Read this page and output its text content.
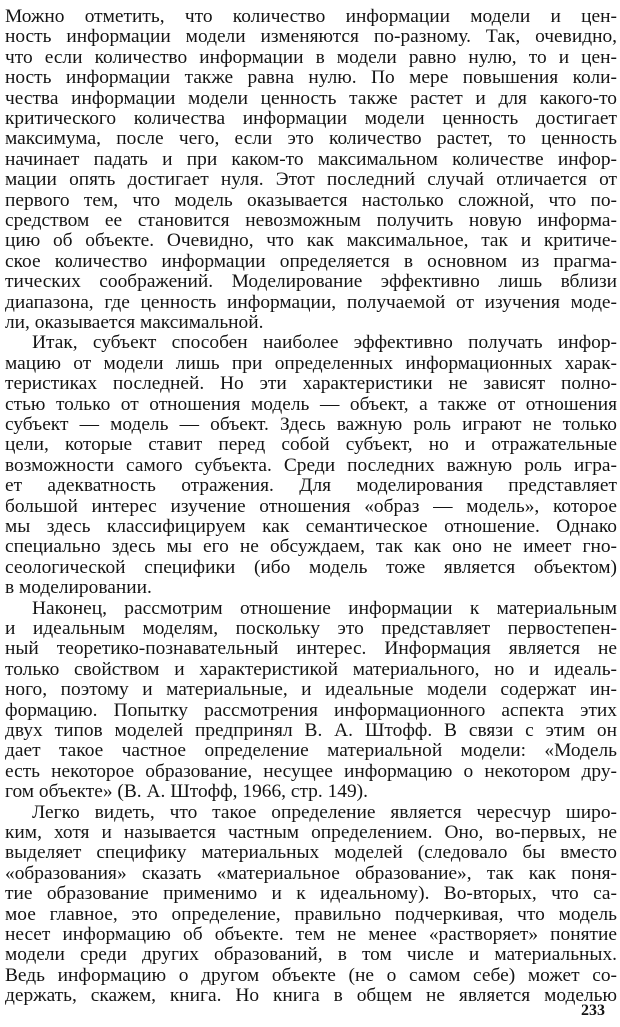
Можно отметить, что количество информации модели и цен-
ность информации модели изменяются по-разному. Так, очевидно,
что если количество информации в модели равно нулю, то и цен-
ность информации также равна нулю. По мере повышения коли-
чества информации модели ценность также растет и для какого-то
критического количества информации модели ценность достигает
максимума, после чего, если это количество растет, то ценность
начинает падать и при каком-то максимальном количестве инфор-
мации опять достигает нуля. Этот последний случай отличается от
первого тем, что модель оказывается настолько сложной, что по-
средством ее становится невозможным получить новую информа-
цию об объекте. Очевидно, что как максимальное, так и критиче-
ское количество информации определяется в основном из прагма-
тических соображений. Моделирование эффективно лишь вблизи
диапазона, где ценность информации, получаемой от изучения моде-
ли, оказывается максимальной.
Итак, субъект способен наиболее эффективно получать инфор-
мацию от модели лишь при определенных информационных харак-
теристиках последней. Но эти характеристики не зависят полно-
стью только от отношения модель — объект, а также от отношения
субъект — модель — объект. Здесь важную роль играют не только
цели, которые ставит перед собой субъект, но и отражательные
возможности самого субъекта. Среди последних важную роль игра-
ет адекватность отражения. Для моделирования представляет
большой интерес изучение отношения «образ — модель», которое
мы здесь классифицируем как семантическое отношение. Однако
специально здесь мы его не обсуждаем, так как оно не имеет гно-
сеологической специфики (ибо модель тоже является объектом)
в моделировании.
Наконец, рассмотрим отношение информации к материальным
и идеальным моделям, поскольку это представляет первостепен-
ный теоретико-познавательный интерес. Информация является не
только свойством и характеристикой материального, но и идеаль-
ного, поэтому и материальные, и идеальные модели содержат ин-
формацию. Попытку рассмотрения информационного аспекта этих
двух типов моделей предпринял В. А. Штофф. В связи с этим он
дает такое частное определение материальной модели: «Модель
есть некоторое образование, несущее информацию о некотором дру-
гом объекте» (В. А. Штофф, 1966, стр. 149).
Легко видеть, что такое определение является чересчур широ-
ким, хотя и называется частным определением. Оно, во-первых, не
выделяет специфику материальных моделей (следовало бы вместо
«образования» сказать «материальное образование», так как поня-
тие образование применимо и к идеальному). Во-вторых, что са-
мое главное, это определение, правильно подчеркивая, что модель
несет информацию об объекте. тем не менее «растворяет» понятие
модели среди других образований, в том числе и материальных.
Ведь информацию о другом объекте (не о самом себе) может со-
держать, скажем, книга. Но книга в общем не является моделью
233
